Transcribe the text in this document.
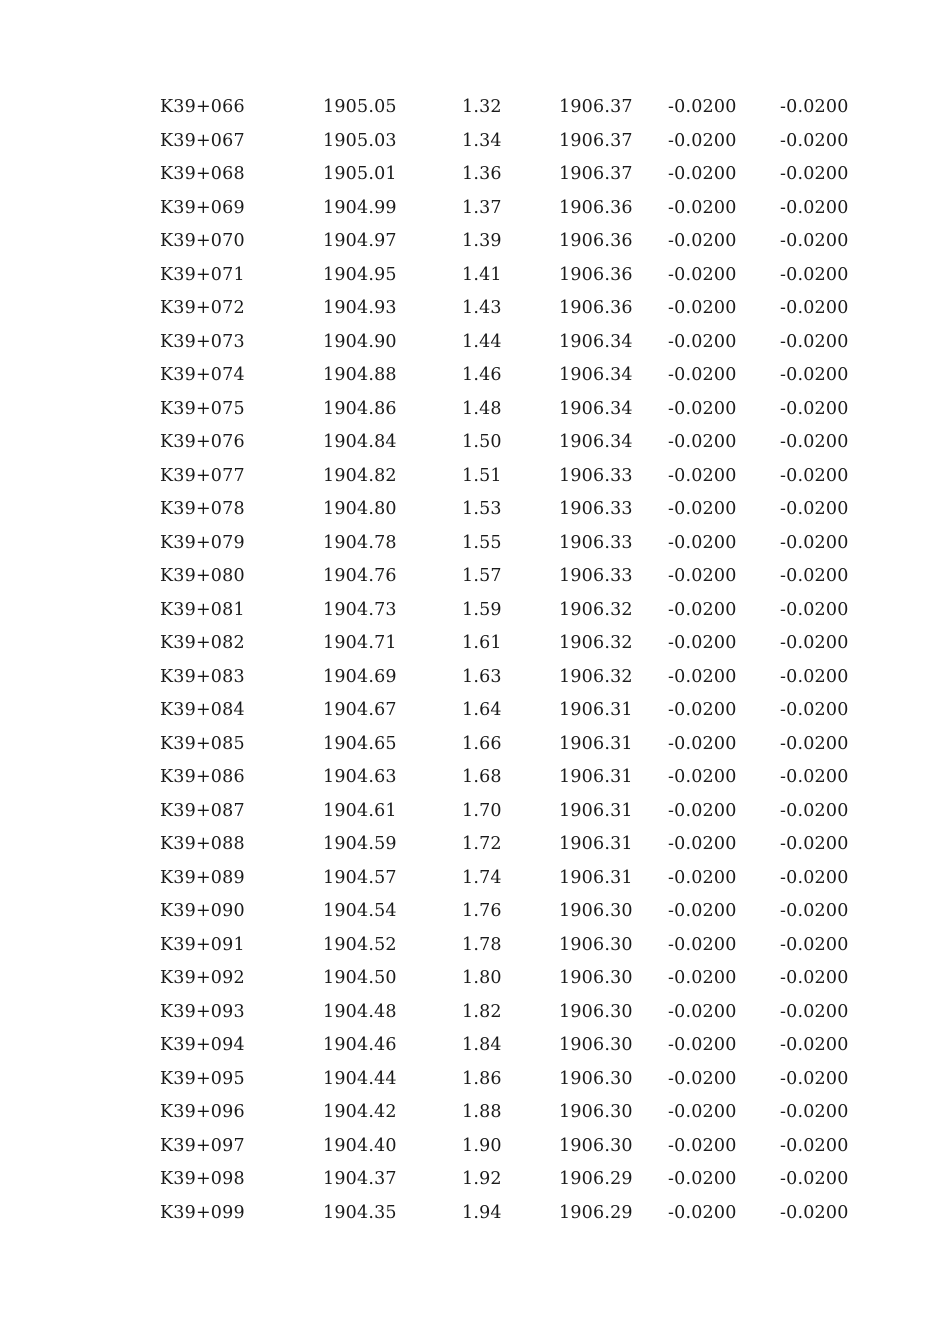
K39+066	1905.05	1.32	1906.37 -0.0200 -0.0200
K39+067	1905.03	1.34	1906.37 -0.0200 -0.0200
K39+068	1905.01	1.36	1906.37 -0.0200 -0.0200
K39+069	1904.99	1.37	1906.36 -0.0200 -0.0200
K39+070	1904.97	1.39	1906.36 -0.0200 -0.0200
K39+071	1904.95	1.41	1906.36 -0.0200 -0.0200
K39+072	1904.93	1.43	1906.36 -0.0200 -0.0200
K39+073	1904.90	1.44	1906.34 -0.0200 -0.0200
K39+074	1904.88	1.46	1906.34 -0.0200 -0.0200
K39+075	1904.86	1.48	1906.34 -0.0200 -0.0200
K39+076	1904.84	1.50	1906.34 -0.0200 -0.0200
K39+077	1904.82	1.51	1906.33 -0.0200 -0.0200
K39+078	1904.80	1.53	1906.33 -0.0200 -0.0200
K39+079	1904.78	1.55	1906.33 -0.0200 -0.0200
K39+080	1904.76	1.57	1906.33 -0.0200 -0.0200
K39+081	1904.73	1.59	1906.32 -0.0200 -0.0200
K39+082	1904.71	1.61	1906.32 -0.0200 -0.0200
K39+083	1904.69	1.63	1906.32 -0.0200 -0.0200
K39+084	1904.67	1.64	1906.31 -0.0200 -0.0200
K39+085	1904.65	1.66	1906.31 -0.0200 -0.0200
K39+086	1904.63	1.68	1906.31 -0.0200 -0.0200
K39+087	1904.61	1.70	1906.31 -0.0200 -0.0200
K39+088	1904.59	1.72	1906.31 -0.0200 -0.0200
K39+089	1904.57	1.74	1906.31 -0.0200 -0.0200
K39+090	1904.54	1.76	1906.30 -0.0200 -0.0200
K39+091	1904.52	1.78	1906.30 -0.0200 -0.0200
K39+092	1904.50	1.80	1906.30 -0.0200 -0.0200
K39+093	1904.48	1.82	1906.30 -0.0200 -0.0200
K39+094	1904.46	1.84	1906.30 -0.0200 -0.0200
K39+095	1904.44	1.86	1906.30 -0.0200 -0.0200
K39+096	1904.42	1.88	1906.30 -0.0200 -0.0200
K39+097	1904.40	1.90	1906.30 -0.0200 -0.0200
K39+098	1904.37	1.92	1906.29 -0.0200 -0.0200
K39+099	1904.35	1.94	1906.29 -0.0200 -0.0200
